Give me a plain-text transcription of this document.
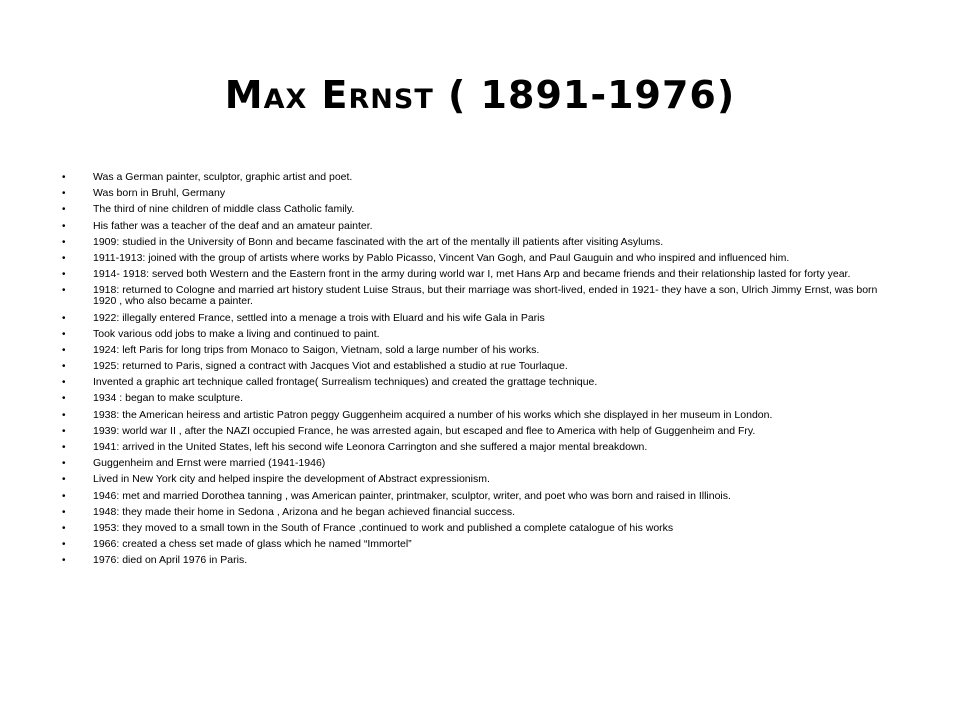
Max Ernst ( 1891-1976)
•	Was a German painter, sculptor, graphic artist and poet.
•	Was born in Bruhl, Germany
•	The third of nine children of middle class Catholic family.
•	His father was a teacher of the deaf and an amateur painter.
•	1909: studied in the University of Bonn and became fascinated with the art of the mentally ill patients after visiting Asylums.
•	1911-1913: joined with the group of artists where works by Pablo Picasso, Vincent Van Gogh, and Paul Gauguin and who inspired and influenced him.
•	1914- 1918: served both Western and the Eastern front in the army during world war I, met Hans Arp and became friends and their relationship lasted for forty year.
•	1918: returned to Cologne and married art history student Luise Straus, but their marriage was short-lived, ended in 1921- they have a son, Ulrich Jimmy Ernst, was born 1920 , who also became a painter.
•	1922: illegally entered France, settled into a menage a trois with Eluard and his wife Gala in Paris
•	Took various odd jobs to make a living and continued to paint.
•	1924: left Paris for long trips from Monaco to Saigon, Vietnam, sold a large number of his works.
•	1925: returned to Paris, signed a contract with Jacques Viot and established a studio at rue Tourlaque.
•	Invented a graphic art technique called frontage( Surrealism techniques) and created the grattage technique.
•	1934 : began to make sculpture.
•	1938: the American heiress and artistic Patron peggy Guggenheim acquired a number of his works which she displayed in her museum in London.
•	1939: world war II , after the NAZI occupied France, he was arrested again, but escaped and flee to America with help of Guggenheim and Fry.
•	1941: arrived in the United States, left his second wife Leonora Carrington and she suffered a major mental breakdown.
•	Guggenheim and Ernst were married (1941-1946)
•	Lived in New York city and helped inspire the development of Abstract expressionism.
•	1946: met and married Dorothea tanning , was American painter, printmaker, sculptor, writer, and poet who was born and raised in Illinois.
•	1948: they made their home in Sedona , Arizona and he began achieved financial success.
•	1953: they moved to a small town in the South of France ,continued to work and published a complete catalogue of his works
•	1966: created a chess set made of glass which he named “Immortel”
•	1976: died on April 1976 in Paris.
